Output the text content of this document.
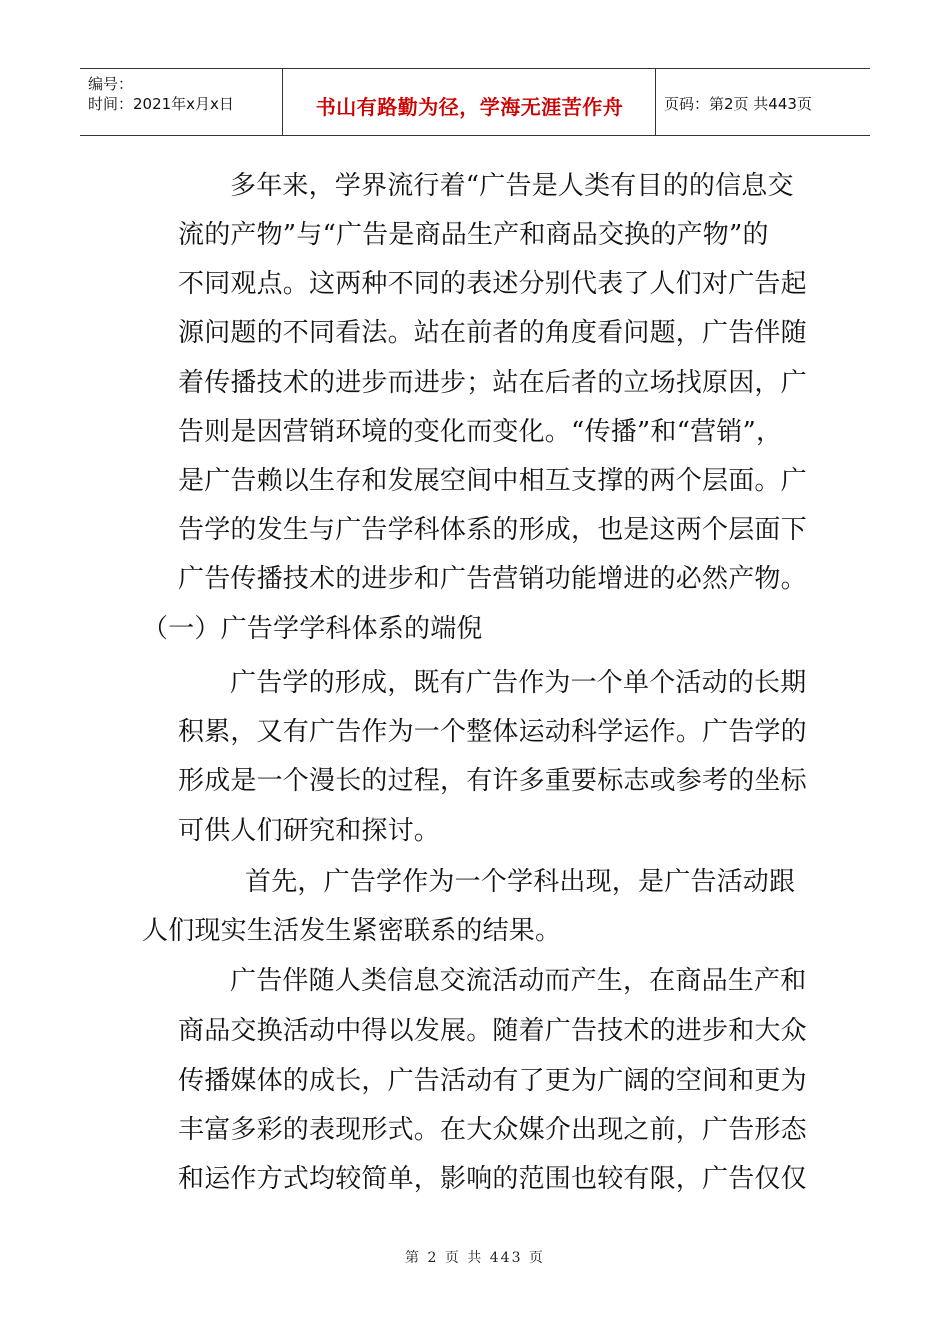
编号：
时间：2021年x月x日	书山有路勤为径，学海无涯苦作舟	页码：第2页 共443页
多年来，学界流行着“广告是人类有目的的信息交
流的产物”与“广告是商品生产和商品交换的产物”的
不同观点。这两种不同的表述分别代表了人们对广告起
源问题的不同看法。站在前者的角度看问题，广告伴随
着传播技术的进步而进步；站在后者的立场找原因，广
告则是因营销环境的变化而变化。“传播”和“营销”，
是广告赖以生存和发展空间中相互支撑的两个层面。广
告学的发生与广告学科体系的形成，也是这两个层面下
广告传播技术的进步和广告营销功能增进的必然产物。
（一）广告学学科体系的端倪
广告学的形成，既有广告作为一个单个活动的长期
积累，又有广告作为一个整体运动科学运作。广告学的
形成是一个漫长的过程，有许多重要标志或参考的坐标
可供人们研究和探讨。
首先，广告学作为一个学科出现，是广告活动跟
人们现实生活发生紧密联系的结果。
广告伴随人类信息交流活动而产生，在商品生产和
商品交换活动中得以发展。随着广告技术的进步和大众
传播媒体的成长，广告活动有了更为广阔的空间和更为
丰富多彩的表现形式。在大众媒介出现之前，广告形态
和运作方式均较简单，影响的范围也较有限，广告仅仅
第 2 页 共 443 页
